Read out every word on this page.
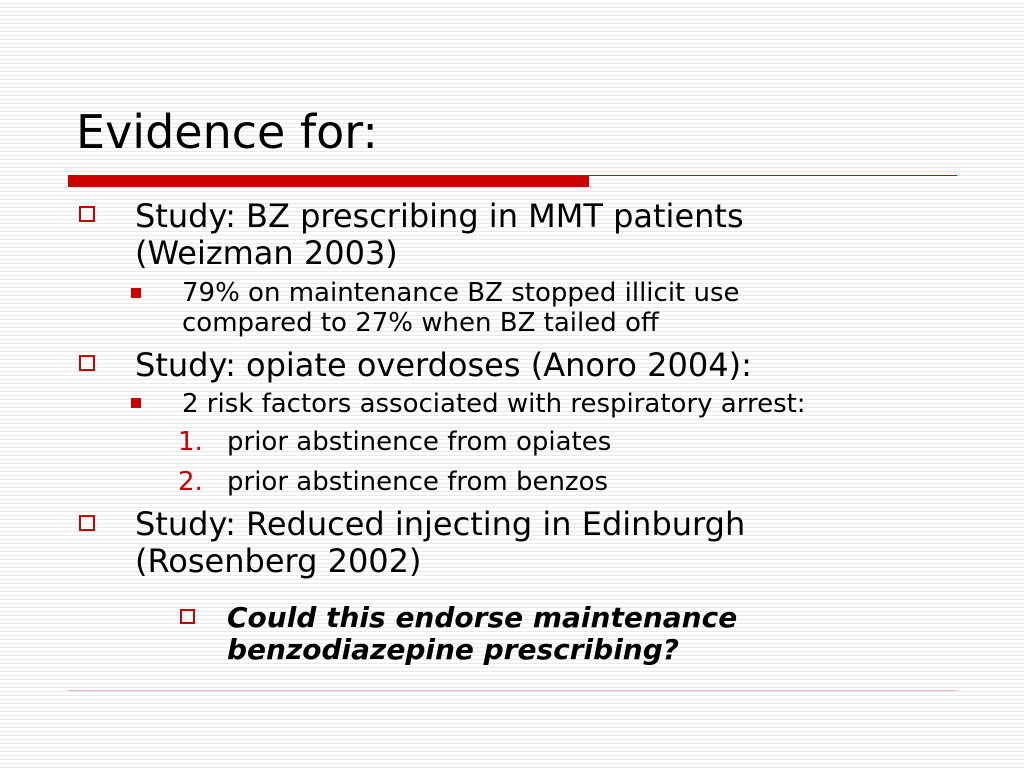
Evidence for:
Study: BZ prescribing in MMT patients
(Weizman 2003)
79% on maintenance BZ stopped illicit use
compared to 27% when BZ tailed off
Study: opiate overdoses (Anoro 2004):
2 risk factors associated with respiratory arrest:
1. prior abstinence from opiates
2. prior abstinence from benzos
Study: Reduced injecting in Edinburgh
(Rosenberg 2002)
Could this endorse maintenance
benzodiazepine prescribing?
